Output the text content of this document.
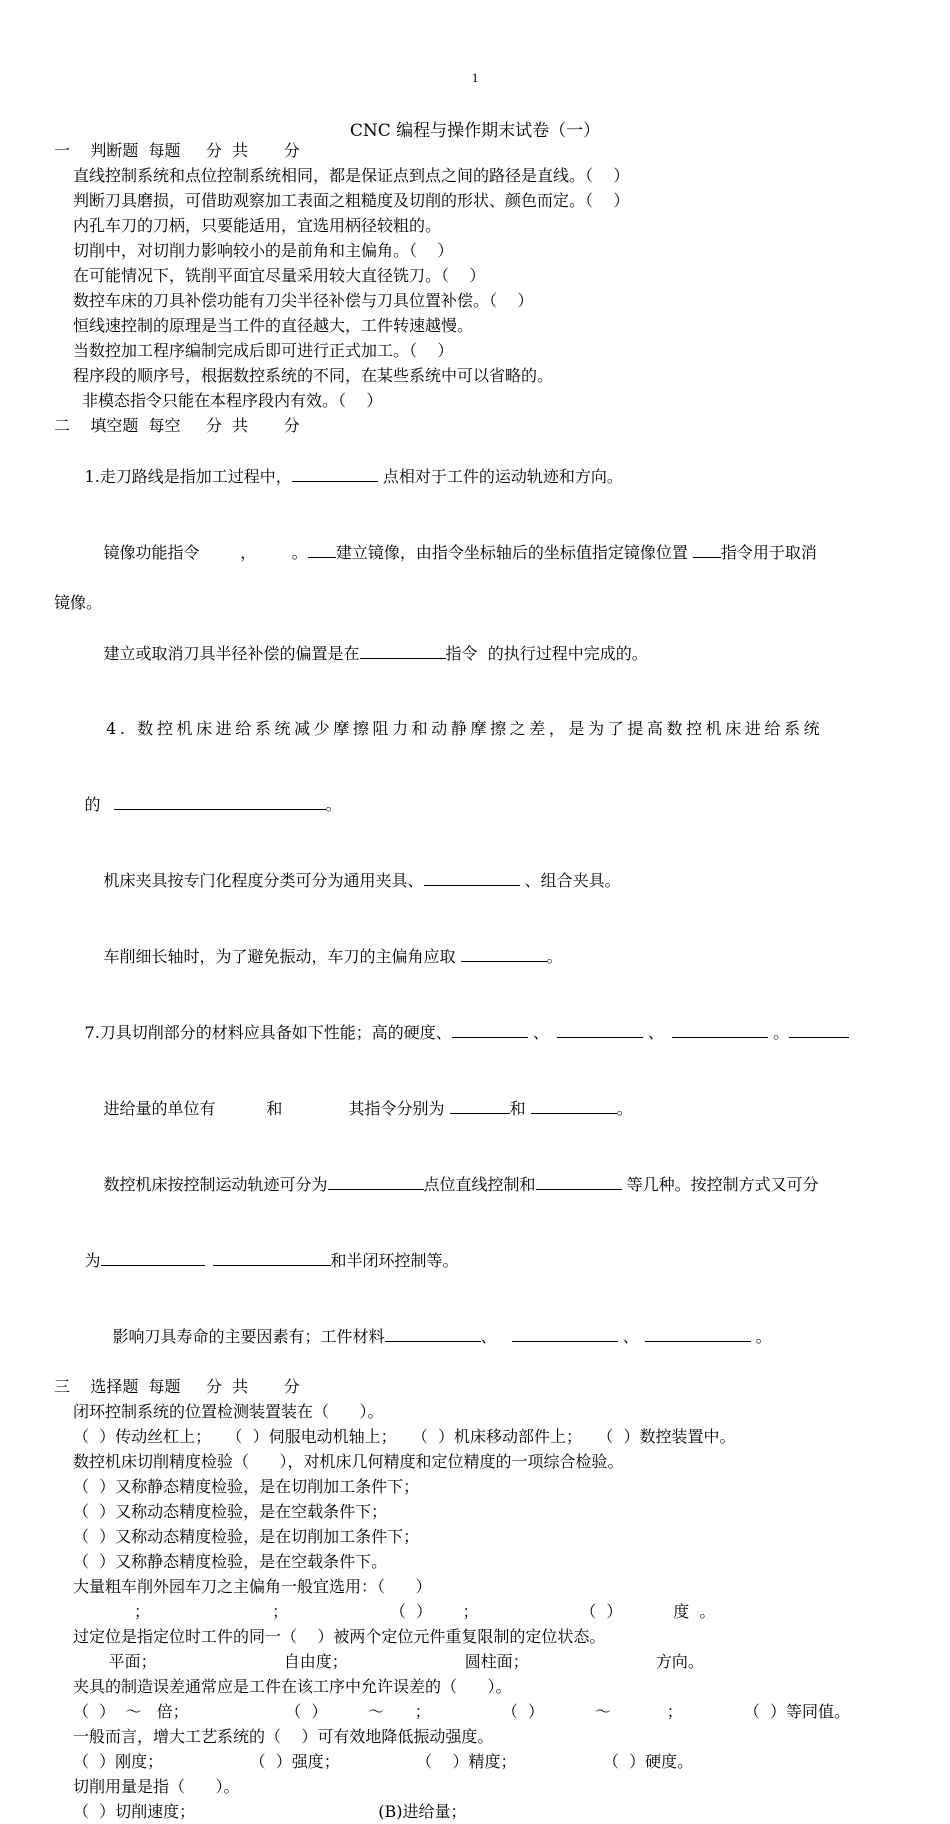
1
CNC 编程与操作期末试卷（一）
一    判断题  每题     分  共       分
直线控制系统和点位控制系统相同，都是保证点到点之间的路径是直线。（    ）
判断刀具磨损，可借助观察加工表面之粗糙度及切削的形状、颜色而定。（    ）
内孔车刀的刀柄，只要能适用，宜选用柄径较粗的。
切削中，对切削力影响较小的是前角和主偏角。（    ）
在可能情况下，铣削平面宜尽量采用较大直径铣刀。（    ）
数控车床的刀具补偿功能有刀尖半径补偿与刀具位置补偿。（    ）
恒线速控制的原理是当工件的直径越大，工件转速越慢。
当数控加工程序编制完成后即可进行正式加工。（    ）
程序段的顺序号，根据数控系统的不同，在某些系统中可以省略的。
非模态指令只能在本程序段内有效。（    ）
二    填空题  每空     分  共       分

1.走刀路线是指加工过程中，	点相对于工件的运动轨迹和方向。

镜像功能指令        ，       。 建立镜像，由指令坐标轴后的坐标值指定镜像位置 指令用于取消

镜像。

建立或取消刀具半径补偿的偏置是在	指令  的执行过程中完成的。

4. 数控机床进给系统减少摩擦阻力和动静摩擦之差，是为了提高数控机床进给系统

的	。

机床夹具按专门化程度分类可分为通用夹具、	、组合夹具。

车削细长轴时，为了避免振动，车刀的主偏角应取	。

7.刀具切削部分的材料应具备如下性能；高的硬度、	、	、	。

进给量的单位有          和             其指令分别为	和	。

数控机床按控制运动轨迹可分为	点位直线控制和	等几种。按控制方式又可分

为	和半闭环控制等。

影响刀具寿命的主要因素有；工件材料	、	、	。

三    选择题  每题     分  共       分
闭环控制系统的位置检测装置装在（      ）。
（  ）传动丝杠上；   （  ）伺服电动机轴上；   （  ）机床移动部件上；   （  ）数控装置中。
数控机床切削精度检验（      ），对机床几何精度和定位精度的一项综合检验。
（  ）又称静态精度检验，是在切削加工条件下；
（  ）又称动态精度检验，是在空载条件下；
（  ）又称动态精度检验，是在切削加工条件下；
（  ）又称静态精度检验，是在空载条件下。
大量粗车削外园车刀之主偏角一般宜选用：（      ）
；                        ；                    （  ）      ；                    （  ）          度  。
过定位是指定位时工件的同一（    ）被两个定位元件重复限制的定位状态。
平面；                         自由度；                       圆柱面；                         方向。
夹具的制造误差通常应是工件在该工序中允许误差的（      ）。
（  ）  ～   倍；                   （  ）        ～      ；              （  ）          ～           ；            （  ）等同值。
一般而言，增大工艺系统的（    ）可有效地降低振动强度。
（  ）刚度；                 （  ）强度；               （    ）精度；                 （  ）硬度。
切削用量是指（      ）。
（  ）切削速度；                                    (B)进给量；
